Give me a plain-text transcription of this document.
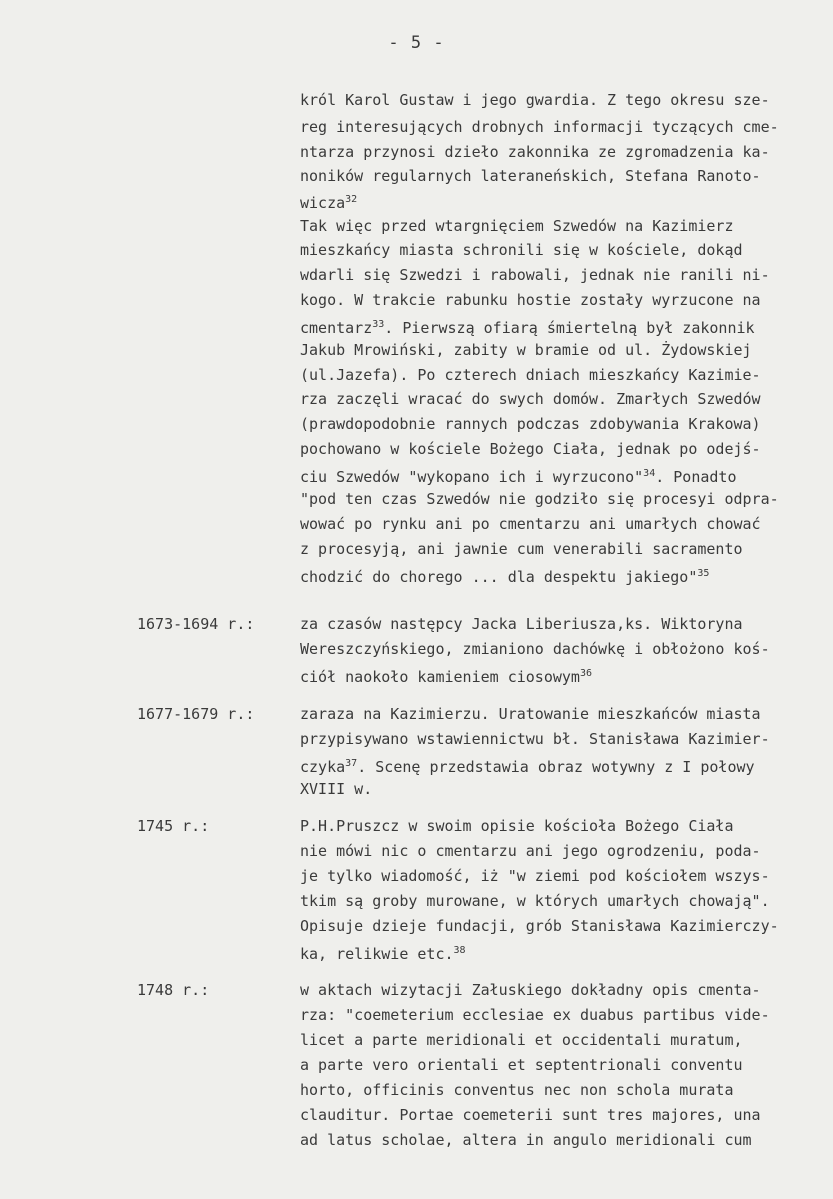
- 5 -
król Karol Gustaw i jego gwardia. Z tego okresu sze-
reg interesujących drobnych informacji tyczących cme-
ntarza przynosi dzieło zakonnika ze zgromadzenia ka-
noników regularnych lateraneńskich, Stefana Ranoto-
wicza$^{32}$
Tak więc przed wtargnięciem Szwedów na Kazimierz
mieszkańcy miasta schronili się w kościele, dokąd
wdarli się Szwedzi i rabowali, jednak nie ranili ni-
kogo. W trakcie rabunku hostie zostały wyrzucone na
cmentarz$^{33}$. Pierwszą ofiarą śmiertelną był zakonnik
Jakub Mrowiński, zabity w bramie od ul. Żydowskiej
(ul.Jazefa). Po czterech dniach mieszkańcy Kazimie-
rza zaczęli wracać do swych domów. Zmarłych Szwedów
(prawdopodobnie rannych podczas zdobywania Krakowa)
pochowano w kościele Bożego Ciała, jednak po odejś-
ciu Szwedów "wykopano ich i wyrzucono"$^{34}$. Ponadto
"pod ten czas Szwedów nie godziło się procesyi odpra-
wować po rynku ani po cmentarzu ani umarłych chować
z procesyją, ani jawnie cum venerabili sacramento
chodzić do chorego ... dla despektu jakiego"$^{35}$
1673-1694 r.:	za czasów następcy Jacka Liberiusza,ks. Wiktoryna
Wereszczyńskiego, zmianiono dachówkę i obłożono koś-
ciół naokoło kamieniem ciosowym$^{36}$
1677-1679 r.:	zaraza na Kazimierzu. Uratowanie mieszkańców miasta
przypisywano wstawiennictwu bł. Stanisława Kazimier-
czyka$^{37}$. Scenę przedstawia obraz wotywny z I połowy
XVIII w.
1745 r.:	P.H.Pruszcz w swoim opisie kościoła Bożego Ciała
nie mówi nic o cmentarzu ani jego ogrodzeniu, poda-
je tylko wiadomość, iż "w ziemi pod kościołem wszys-
tkim są groby murowane, w których umarłych chowają".
Opisuje dzieje fundacji, grób Stanisława Kazimierczy-
ka, relikwie etc.$^{38}$
1748 r.:	w aktach wizytacji Załuskiego dokładny opis cmenta-
rza: "coemeterium ecclesiae ex duabus partibus vide-
licet a parte meridionali et occidentali muratum,
a parte vero orientali et septentrionali conventu
horto, officinis conventus nec non schola murata
clauditur. Portae coemeterii sunt tres majores, una
ad latus scholae, altera in angulo meridionali cum
